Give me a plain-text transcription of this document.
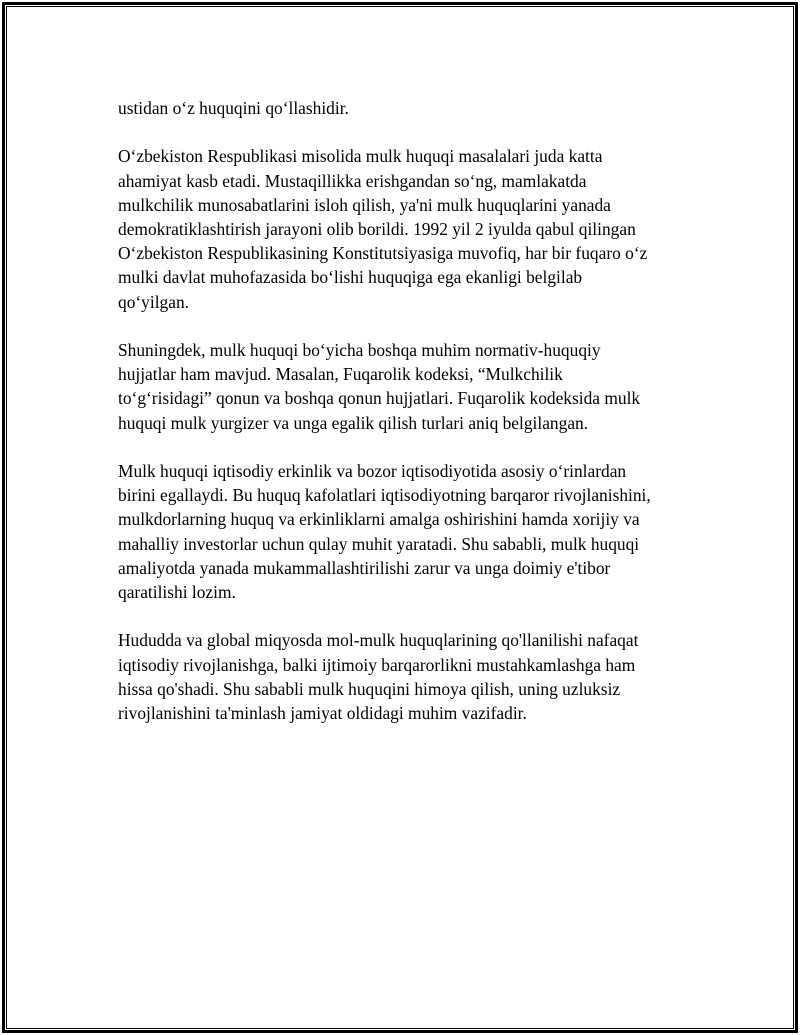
ustidan o‘z huquqini qo‘llashidir.

O‘zbekiston Respublikasi misolida mulk huquqi masalalari juda katta
ahamiyat kasb etadi. Mustaqillikka erishgandan so‘ng, mamlakatda
mulkchilik munosabatlarini isloh qilish, ya'ni mulk huquqlarini yanada
demokratiklashtirish jarayoni olib borildi. 1992 yil 2 iyulda qabul qilingan
O‘zbekiston Respublikasining Konstitutsiyasiga muvofiq, har bir fuqaro o‘z
mulki davlat muhofazasida bo‘lishi huquqiga ega ekanligi belgilab
qo‘yilgan.

Shuningdek, mulk huquqi bo‘yicha boshqa muhim normativ-huquqiy
hujjatlar ham mavjud. Masalan, Fuqarolik kodeksi, “Mulkchilik
to‘g‘risidagi” qonun va boshqa qonun hujjatlari. Fuqarolik kodeksida mulk
huquqi mulk yurgizer va unga egalik qilish turlari aniq belgilangan.

Mulk huquqi iqtisodiy erkinlik va bozor iqtisodiyotida asosiy o‘rinlardan
birini egallaydi. Bu huquq kafolatlari iqtisodiyotning barqaror rivojlanishini,
mulkdorlarning huquq va erkinliklarni amalga oshirishini hamda xorijiy va
mahalliy investorlar uchun qulay muhit yaratadi. Shu sababli, mulk huquqi
amaliyotda yanada mukammallashtirilishi zarur va unga doimiy e'tibor
qaratilishi lozim.

Hududda va global miqyosda mol-mulk huquqlarining qo'llanilishi nafaqat
iqtisodiy rivojlanishga, balki ijtimoiy barqarorlikni mustahkamlashga ham
hissa qo'shadi. Shu sababli mulk huquqini himoya qilish, uning uzluksiz
rivojlanishini ta'minlash jamiyat oldidagi muhim vazifadir.
